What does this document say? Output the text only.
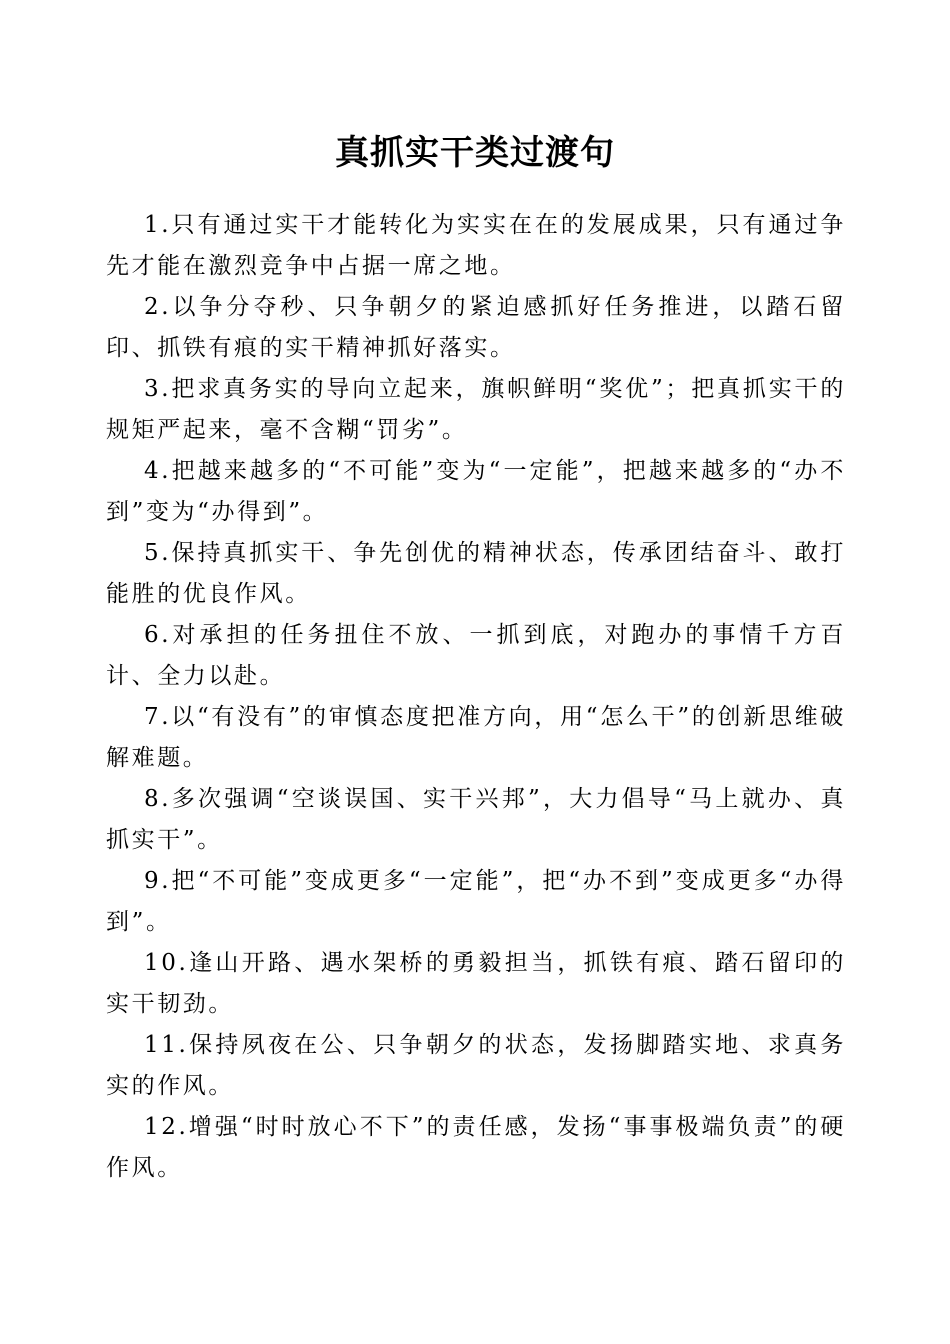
真抓实干类过渡句

1.只有通过实干才能转化为实实在在的发展成果，只有通过争先才能在激烈竞争中占据一席之地。

2.以争分夺秒、只争朝夕的紧迫感抓好任务推进，以踏石留印、抓铁有痕的实干精神抓好落实。

3.把求真务实的导向立起来，旗帜鲜明“奖优”；把真抓实干的规矩严起来，毫不含糊“罚劣”。

4.把越来越多的“不可能”变为“一定能”，把越来越多的“办不到”变为“办得到”。

5.保持真抓实干、争先创优的精神状态，传承团结奋斗、敢打能胜的优良作风。

6.对承担的任务扭住不放、一抓到底，对跑办的事情千方百计、全力以赴。

7.以“有没有”的审慎态度把准方向，用“怎么干”的创新思维破解难题。

8.多次强调“空谈误国、实干兴邦”，大力倡导“马上就办、真抓实干”。

9.把“不可能”变成更多“一定能”，把“办不到”变成更多“办得到”。

10.逢山开路、遇水架桥的勇毅担当，抓铁有痕、踏石留印的实干韧劲。

11.保持夙夜在公、只争朝夕的状态，发扬脚踏实地、求真务实的作风。

12.增强“时时放心不下”的责任感，发扬“事事极端负责”的硬作风。
